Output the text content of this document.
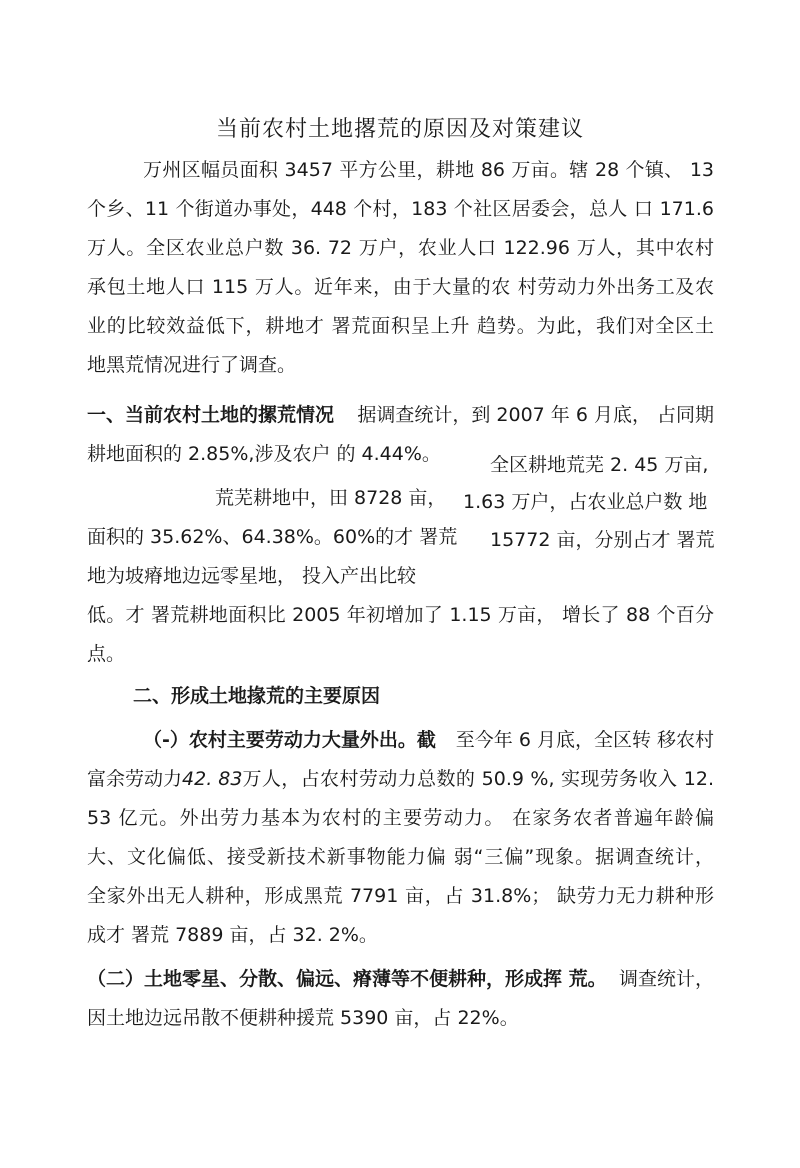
当前农村土地撂荒的原因及对策建议
万州区幅员面积 3457 平方公里，耕地 86 万亩。辖 28 个镇、 13
个乡、11 个街道办事处，448 个村，183 个社区居委会，总人 口 171.6
万人。全区农业总户数 36. 72 万户，农业人口 122.96 万人，其中农村
承包土地人口 115 万人。近年来，由于大量的农 村劳动力外出务工及农
业的比较效益低下，耕地才 署荒面积呈上升 趋势。为此，我们对全区土
地黑荒情况进行了调查。
一、当前农村土地的摞荒情况 据调查统计，到 2007 年 6 月底， 占同期
耕地面积的 2.85%,涉及农户 的 4.44%。	全区耕地荒芜 2. 45 万亩,
荒芜耕地中，田 8728 亩， 1.63 万户，占农业总户数 地
面积的 35.62%、64.38%。60%的才 署荒 15772 亩，分别占才 署荒
地为坡瘠地边远零星地， 投入产出比较
低。才 署荒耕地面积比 2005 年初增加了 1.15 万亩， 增长了 88 个百分
点。
二、形成土地掾荒的主要原因
（-）农村主要劳动力大量外出。截 至今年 6 月底，全区转 移农村
富余劳动力 42. 83 万人，占农村劳动力总数的 50.9 %, 实现劳务收入 12.
53 亿元。外出劳力基本为农村的主要劳动力。 在家务农者普遍年龄偏
大、文化偏低、接受新技术新事物能力偏 弱“三偏”现象。据调查统计，
全家外出无人耕种，形成黑荒 7791 亩，占 31.8%； 缺劳力无力耕种形
成才 署荒 7889 亩，占 32. 2%。
（二）土地零星、分散、偏远、瘠薄等不便耕种，形成挥 荒。 调查统计，
因土地边远吊散不便耕种援荒 5390 亩，占 22%。
